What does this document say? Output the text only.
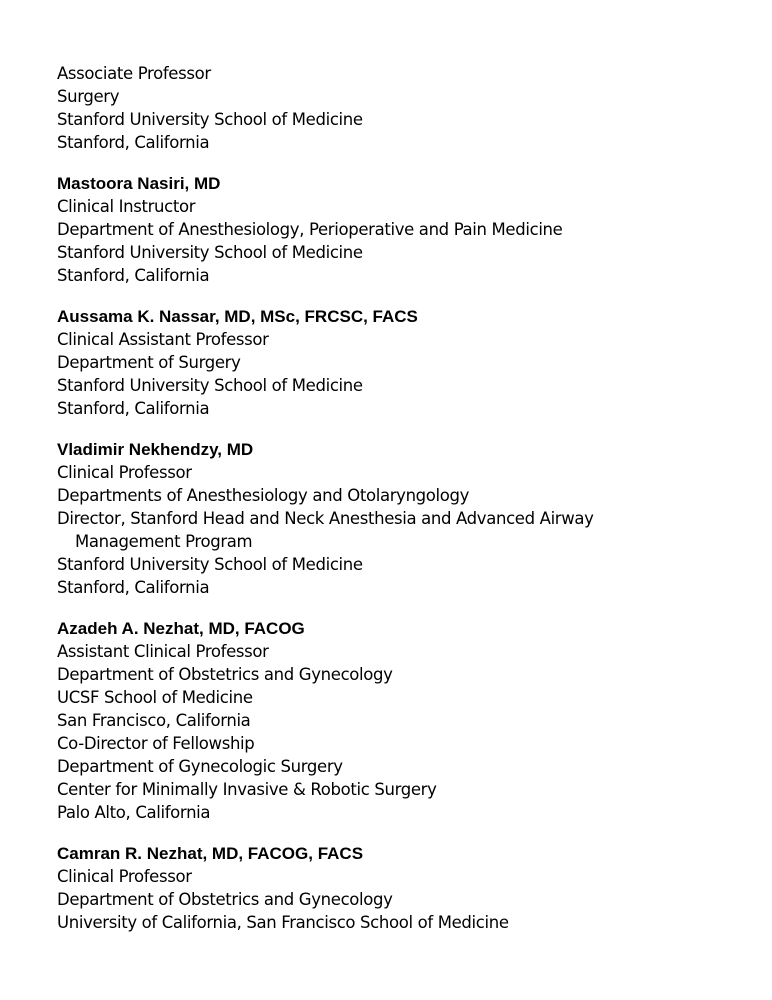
Associate Professor
Surgery
Stanford University School of Medicine
Stanford, California
Mastoora Nasiri, MD
Clinical Instructor
Department of Anesthesiology, Perioperative and Pain Medicine
Stanford University School of Medicine
Stanford, California
Aussama K. Nassar, MD, MSc, FRCSC, FACS
Clinical Assistant Professor
Department of Surgery
Stanford University School of Medicine
Stanford, California
Vladimir Nekhendzy, MD
Clinical Professor
Departments of Anesthesiology and Otolaryngology
Director, Stanford Head and Neck Anesthesia and Advanced Airway
Management Program
Stanford University School of Medicine
Stanford, California
Azadeh A. Nezhat, MD, FACOG
Assistant Clinical Professor
Department of Obstetrics and Gynecology
UCSF School of Medicine
San Francisco, California
Co-Director of Fellowship
Department of Gynecologic Surgery
Center for Minimally Invasive & Robotic Surgery
Palo Alto, California
Camran R. Nezhat, MD, FACOG, FACS
Clinical Professor
Department of Obstetrics and Gynecology
University of California, San Francisco School of Medicine
